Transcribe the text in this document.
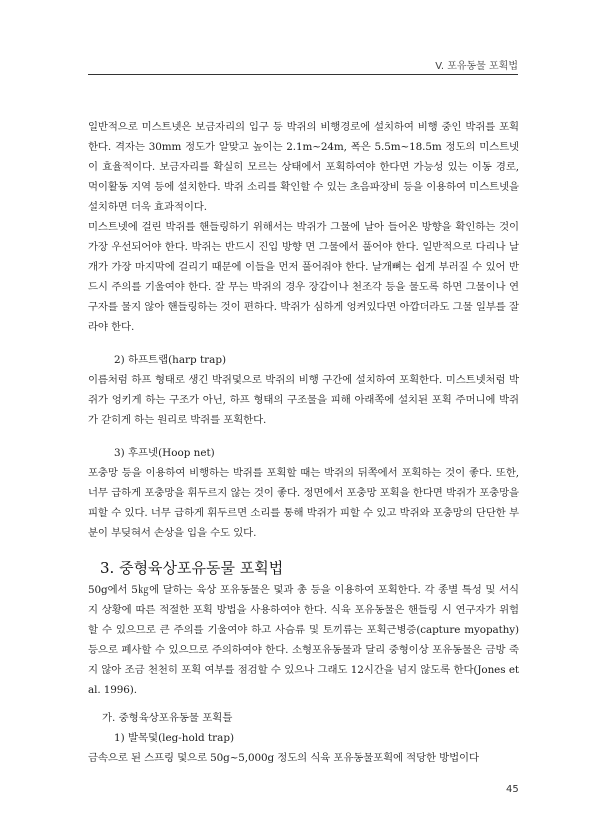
V. 포유동물 포획법

일반적으로 미스트넷은 보금자리의 입구 등 박쥐의 비행경로에 설치하여 비행 중인 박쥐를 포획한다. 격자는 30mm 정도가 알맞고 높이는 2.1m~24m, 폭은 5.5m~18.5m 정도의 미스트넷이 효율적이다. 보금자리를 확실히 모르는 상태에서 포획하여야 한다면 가능성 있는 이동 경로, 먹이활동 지역 등에 설치한다. 박쥐 소리를 확인할 수 있는 초음파장비 등을 이용하여 미스트넷을 설치하면 더욱 효과적이다.

미스트넷에 걸린 박쥐를 핸들링하기 위해서는 박쥐가 그물에 날아 들어온 방향을 확인하는 것이 가장 우선되어야 한다. 박쥐는 반드시 진입 방향 면 그물에서 풀어야 한다. 일반적으로 다리나 날개가 가장 마지막에 걸리기 때문에 이들을 먼저 풀어줘야 한다. 날개뼈는 쉽게 부러질 수 있어 반드시 주의를 기울여야 한다. 잘 무는 박쥐의 경우 장갑이나 천조각 등을 물도록 하면 그물이나 연구자를 물지 않아 핸들링하는 것이 편하다. 박쥐가 심하게 엉켜있다면 아깝더라도 그물 일부를 잘라야 한다.

2) 하프트랩(harp trap)

이름처럼 하프 형태로 생긴 박쥐덫으로 박쥐의 비행 구간에 설치하여 포획한다. 미스트넷처럼 박쥐가 엉키게 하는 구조가 아닌, 하프 형태의 구조물을 피해 아래쪽에 설치된 포획 주머니에 박쥐가 갇히게 하는 원리로 박쥐를 포획한다.

3) 후프넷(Hoop net)

포충망 등을 이용하여 비행하는 박쥐를 포획할 때는 박쥐의 뒤쪽에서 포획하는 것이 좋다. 또한, 너무 급하게 포충망을 휘두르지 않는 것이 좋다. 정면에서 포충망 포획을 한다면 박쥐가 포충망을 피할 수 있다. 너무 급하게 휘두르면 소리를 통해 박쥐가 피할 수 있고 박쥐와 포충망의 단단한 부분이 부딪혀서 손상을 입을 수도 있다.

3. 중형육상포유동물 포획법

50g에서 5㎏에 달하는 육상 포유동물은 덫과 총 등을 이용하여 포획한다. 각 종별 특성 및 서식지 상황에 따른 적절한 포획 방법을 사용하여야 한다. 식육 포유동물은 핸들링 시 연구자가 위험할 수 있으므로 큰 주의를 기울여야 하고 사슴류 및 토끼류는 포획근병증(capture myopathy) 등으로 폐사할 수 있으므로 주의하여야 한다. 소형포유동물과 달리 중형이상 포유동물은 금방 죽지 않아 조금 천천히 포획 여부를 점검할 수 있으나 그래도 12시간을 넘지 않도록 한다(Jones et al. 1996).

가. 중형육상포유동물 포획틀

1) 발목덫(leg-hold trap)

금속으로 된 스프링 덫으로 50g~5,000g 정도의 식육 포유동물포획에 적당한 방법이다

45
